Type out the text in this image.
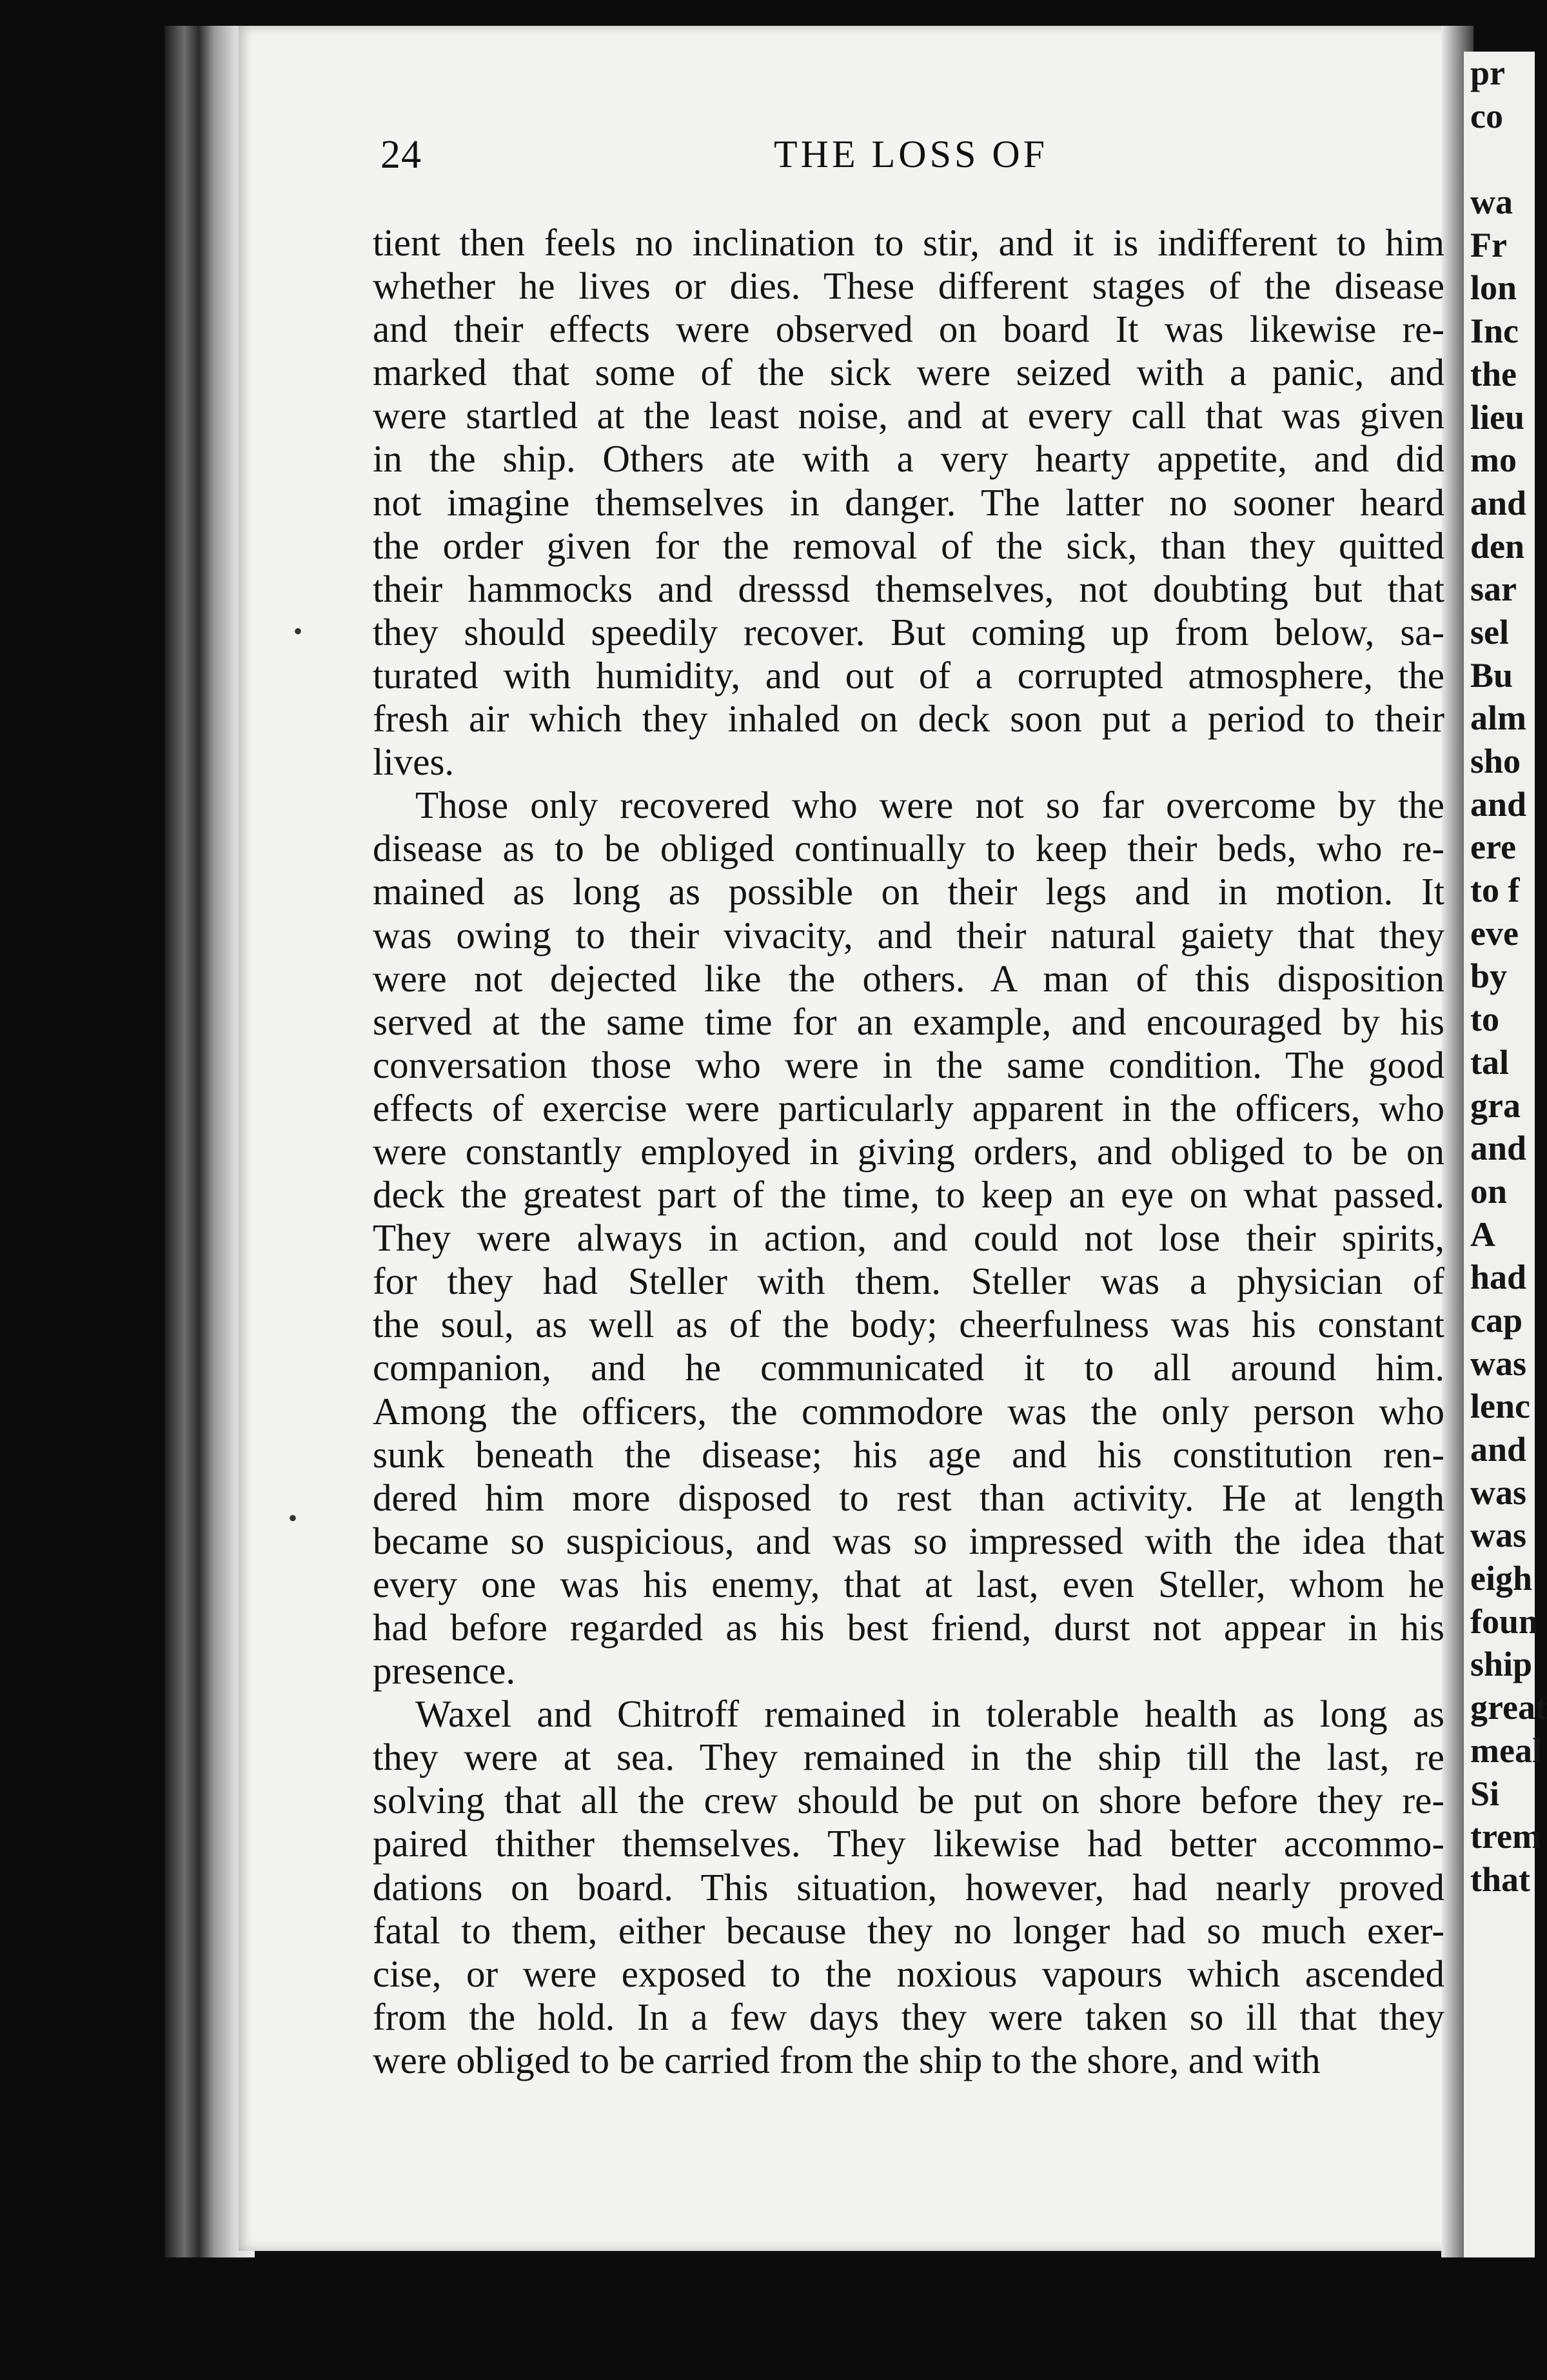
pr
co
wa
Fr
lon
Inc
the
lieu
mo
and
den
sar
sel
Bu
alm
sho
and
ere
to f
eve
by
to
tal
gra
and
on
A
had
cap
was
lenc
and
was
was
eigh
foun
ship
great
meal
Si
trem
that
24	THE LOSS OF
tient then feels no inclination to stir, and it is indifferent to him
whether he lives or dies. These different stages of the disease
and their effects were observed on board It was likewise re-
marked that some of the sick were seized with a panic, and
were startled at the least noise, and at every call that was given
in the ship. Others ate with a very hearty appetite, and did
not imagine themselves in danger. The latter no sooner heard
the order given for the removal of the sick, than they quitted
their hammocks and dresssd themselves, not doubting but that
they should speedily recover. But coming up from below, sa-
turated with humidity, and out of a corrupted atmosphere, the
fresh air which they inhaled on deck soon put a period to their
lives.
Those only recovered who were not so far overcome by the
disease as to be obliged continually to keep their beds, who re-
mained as long as possible on their legs and in motion. It
was owing to their vivacity, and their natural gaiety that they
were not dejected like the others. A man of this disposition
served at the same time for an example, and encouraged by his
conversation those who were in the same condition. The good
effects of exercise were particularly apparent in the officers, who
were constantly employed in giving orders, and obliged to be on
deck the greatest part of the time, to keep an eye on what passed.
They were always in action, and could not lose their spirits,
for they had Steller with them. Steller was a physician of
the soul, as well as of the body; cheerfulness was his constant
companion, and he communicated it to all around him.
Among the officers, the commodore was the only person who
sunk beneath the disease; his age and his constitution ren-
dered him more disposed to rest than activity. He at length
became so suspicious, and was so impressed with the idea that
every one was his enemy, that at last, even Steller, whom he
had before regarded as his best friend, durst not appear in his
presence.
Waxel and Chitroff remained in tolerable health as long as
they were at sea. They remained in the ship till the last, re
solving that all the crew should be put on shore before they re-
paired thither themselves. They likewise had better accommo-
dations on board. This situation, however, had nearly proved
fatal to them, either because they no longer had so much exer-
cise, or were exposed to the noxious vapours which ascended
from the hold. In a few days they were taken so ill that they
were obliged to be carried from the ship to the shore, and with
•
•
